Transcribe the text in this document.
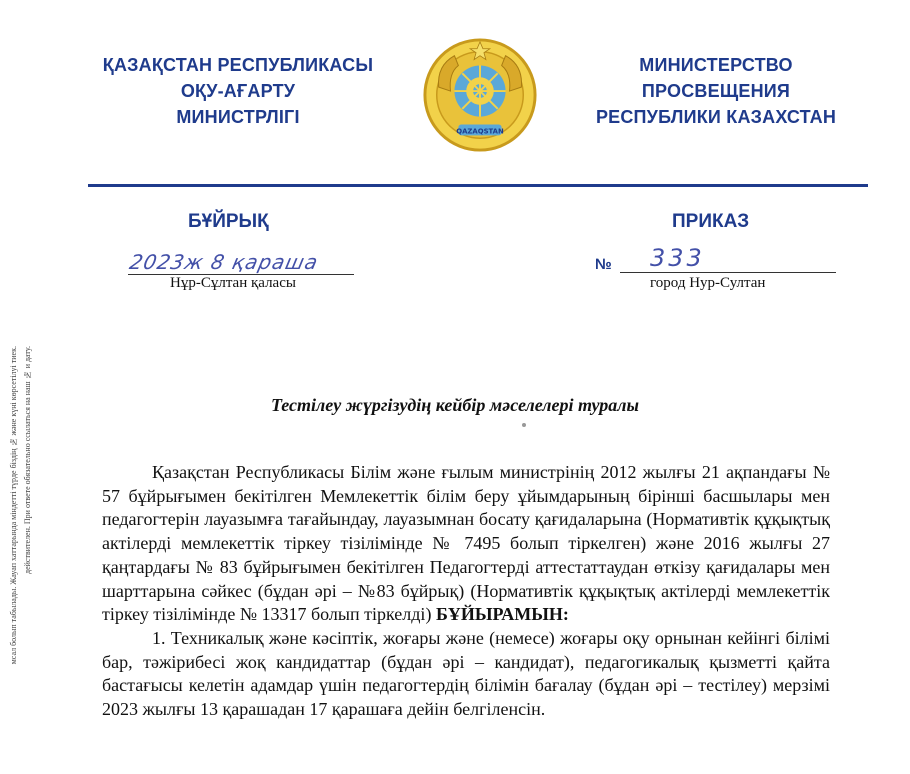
ҚАЗАҚСТАН РЕСПУБЛИКАСЫ
ОҚУ-АҒАРТУ
МИНИСТРЛІГІ
QAZAQSTAN
МИНИСТЕРСТВО
ПРОСВЕЩЕНИЯ
РЕСПУБЛИКИ КАЗАХСТАН
БҰЙРЫҚ	ПРИКАЗ
2023ж 8 қараша
Нұр-Сұлтан қаласы
№ 333
город Нур-Султан
мсал болып табылады. Жауап хаттарында міндетті түрде біздің № және күні көрсетілуі тиек. действителен. При ответе обязательно ссылаться на наш № и дату.	Тестілеу жүргізудің кейбір мәселелері туралы

Қазақстан Республикасы Білім және ғылым министрінің 2012 жылғы 21 ақпандағы № 57 бұйрығымен бекітілген Мемлекеттік білім беру ұйымдарының бірінші басшылары мен педагогтерін лауазымға тағайындау, лауазымнан босату қағидаларына (Нормативтік құқықтық актілерді мемлекеттік тіркеу тізілімінде № 7495 болып тіркелген) және 2016 жылғы 27 қаңтардағы № 83 бұйрығымен бекітілген Педагогтерді аттестаттаудан өткізу қағидалары мен шарттарына сәйкес (бұдан әрі – №83 бұйрық) (Нормативтік құқықтық актілерді мемлекеттік тіркеу тізілімінде № 13317 болып тіркелді) БҰЙЫРАМЫН:

1. Техникалық және кәсіптік, жоғары және (немесе) жоғары оқу орнынан кейінгі білімі бар, тәжірибесі жоқ кандидаттар (бұдан әрі – кандидат), педагогикалық қызметті қайта бастағысы келетін адамдар үшін педагогтердің білімін бағалау (бұдан әрі – тестілеу) мерзімі 2023 жылғы 13 қарашадан 17 қарашаға дейін белгіленсін.
